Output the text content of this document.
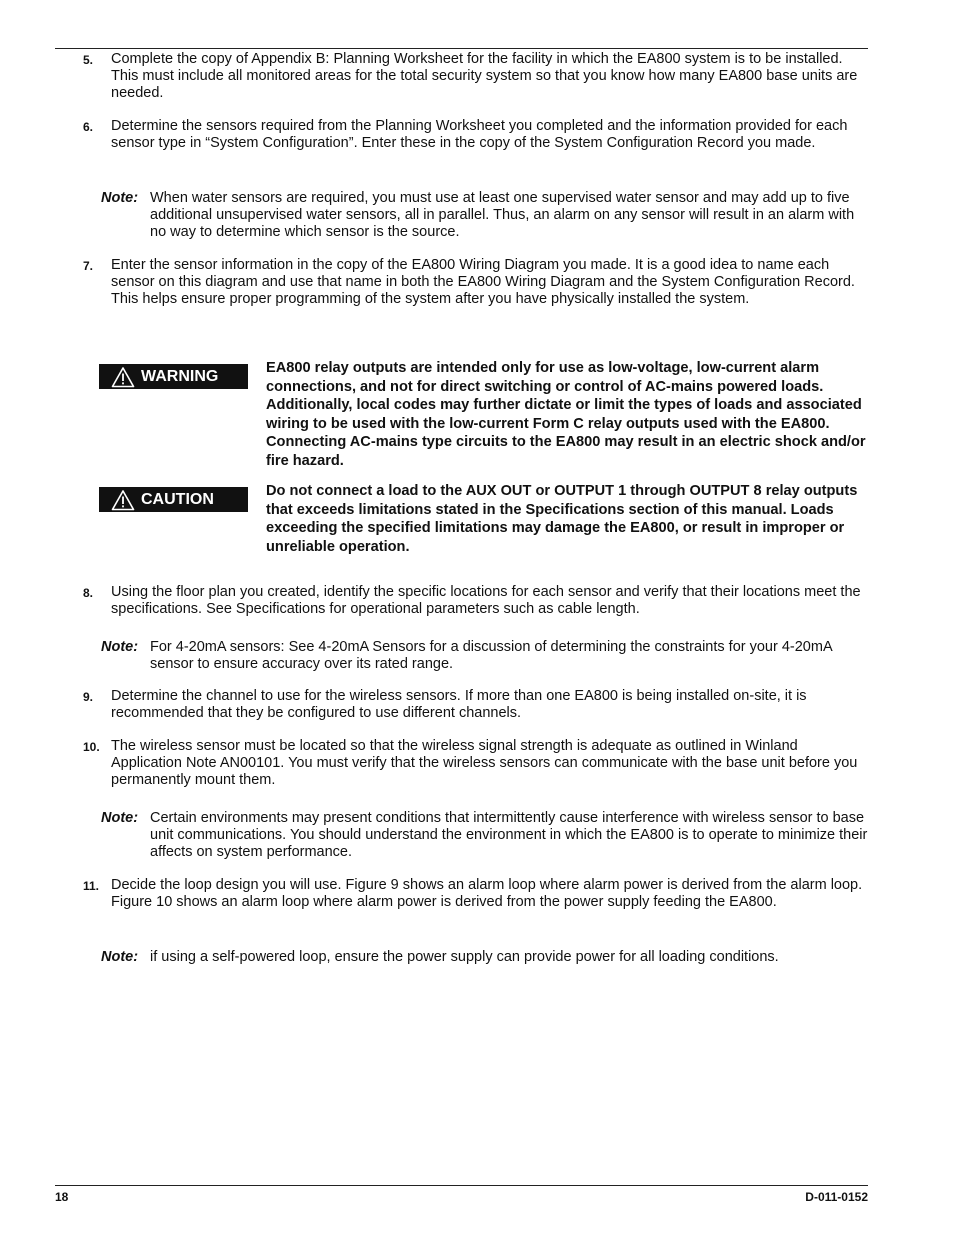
5. Complete the copy of Appendix B: Planning Worksheet for the facility in which the EA800 system is to be installed. This must include all monitored areas for the total security system so that you know how many EA800 base units are needed.
6. Determine the sensors required from the Planning Worksheet you completed and the information provided for each sensor type in “System Configuration”. Enter these in the copy of the System Configuration Record you made.
Note: When water sensors are required, you must use at least one supervised water sensor and may add up to five additional unsupervised water sensors, all in parallel. Thus, an alarm on any sensor will result in an alarm with no way to determine which sensor is the source.
7. Enter the sensor information in the copy of the EA800 Wiring Diagram you made. It is a good idea to name each sensor on this diagram and use that name in both the EA800 Wiring Diagram and the System Configuration Record. This helps ensure proper programming of the system after you have physically installed the system.
WARNING	EA800 relay outputs are intended only for use as low-voltage, low-current alarm connections, and not for direct switching or control of AC-mains powered loads. Additionally, local codes may further dictate or limit the types of loads and associated wiring to be used with the low-current Form C relay outputs used with the EA800. Connecting AC-mains type circuits to the EA800 may result in an electric shock and/or fire hazard.
CAUTION	Do not connect a load to the AUX OUT or OUTPUT 1 through OUTPUT 8 relay outputs that exceeds limitations stated in the Specifications section of this manual. Loads exceeding the specified limitations may damage the EA800, or result in improper or unreliable operation.
8. Using the floor plan you created, identify the specific locations for each sensor and verify that their locations meet the specifications. See Specifications for operational parameters such as cable length.
Note: For 4-20mA sensors: See 4-20mA Sensors for a discussion of determining the constraints for your 4-20mA sensor to ensure accuracy over its rated range.
9. Determine the channel to use for the wireless sensors. If more than one EA800 is being installed on-site, it is recommended that they be configured to use different channels.
10. The wireless sensor must be located so that the wireless signal strength is adequate as outlined in Winland Application Note AN00101. You must verify that the wireless sensors can communicate with the base unit before you permanently mount them.
Note: Certain environments may present conditions that intermittently cause interference with wireless sensor to base unit communications. You should understand the environment in which the EA800 is to operate to minimize their affects on system performance.
11. Decide the loop design you will use. Figure 9 shows an alarm loop where alarm power is derived from the alarm loop. Figure 10 shows an alarm loop where alarm power is derived from the power supply feeding the EA800.
Note: if using a self-powered loop, ensure the power supply can provide power for all loading conditions.
18	D-011-0152
